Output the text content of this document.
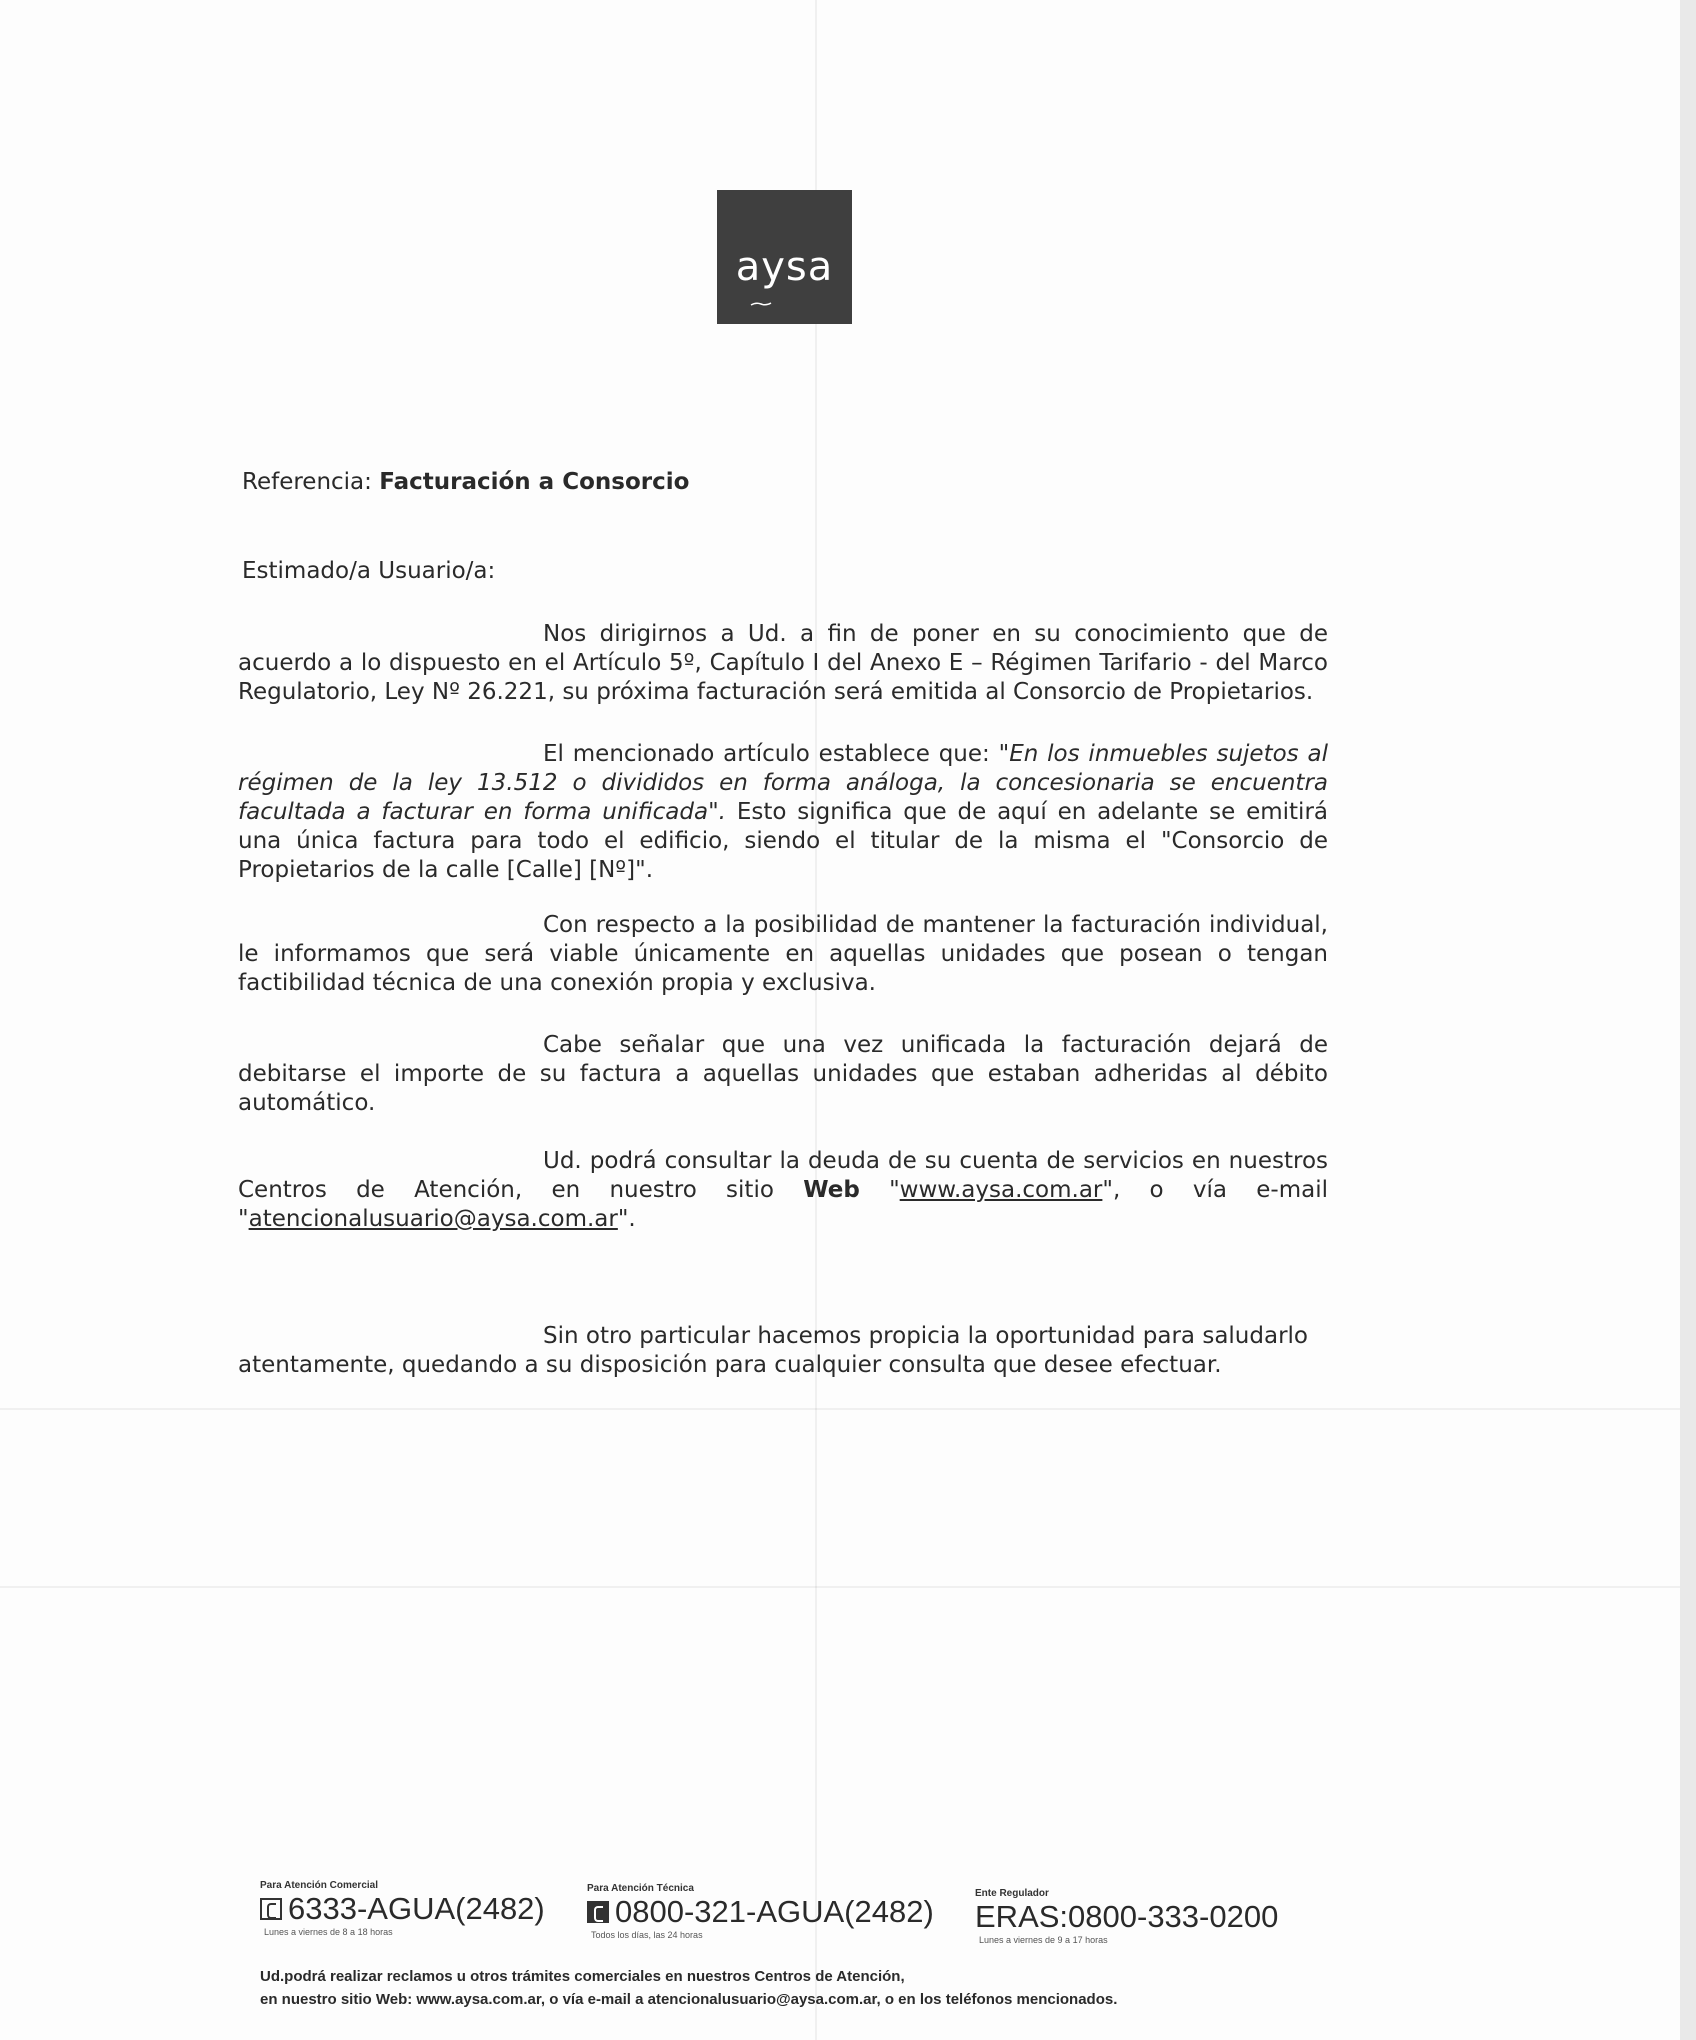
aysa
Referencia: Facturación a Consorcio
Estimado/a Usuario/a:
Nos dirigirnos a Ud. a fin de poner en su conocimiento que de acuerdo a lo dispuesto en el Artículo 5º, Capítulo I del Anexo E – Régimen Tarifario - del Marco Regulatorio, Ley Nº 26.221, su próxima facturación será emitida al Consorcio de Propietarios.
El mencionado artículo establece que: "En los inmuebles sujetos al régimen de la ley 13.512 o divididos en forma análoga, la concesionaria se encuentra facultada a facturar en forma unificada". Esto significa que de aquí en adelante se emitirá una única factura para todo el edificio, siendo el titular de la misma el "Consorcio de Propietarios de la calle [Calle] [Nº]".
Con respecto a la posibilidad de mantener la facturación individual, le informamos que será viable únicamente en aquellas unidades que posean o tengan factibilidad técnica de una conexión propia y exclusiva.
Cabe señalar que una vez unificada la facturación dejará de debitarse el importe de su factura a aquellas unidades que estaban adheridas al débito automático.
Ud. podrá consultar la deuda de su cuenta de servicios en nuestros Centros de Atención, en nuestro sitio Web "www.aysa.com.ar", o vía e-mail "atencionalusuario@aysa.com.ar".
Sin otro particular hacemos propicia la oportunidad para saludarlo atentamente, quedando a su disposición para cualquier consulta que desee efectuar.
Para Atención Comercial
6333-AGUA(2482)
Lunes a viernes de 8 a 18 horas
Para Atención Técnica
0800-321-AGUA(2482)
Todos los días, las 24 horas
Ente Regulador
ERAS:0800-333-0200
Lunes a viernes de 9 a 17 horas
Ud.podrá realizar reclamos u otros trámites comerciales en nuestros Centros de Atención,
en nuestro sitio Web: www.aysa.com.ar, o vía e-mail a atencionalusuario@aysa.com.ar, o en los teléfonos mencionados.
